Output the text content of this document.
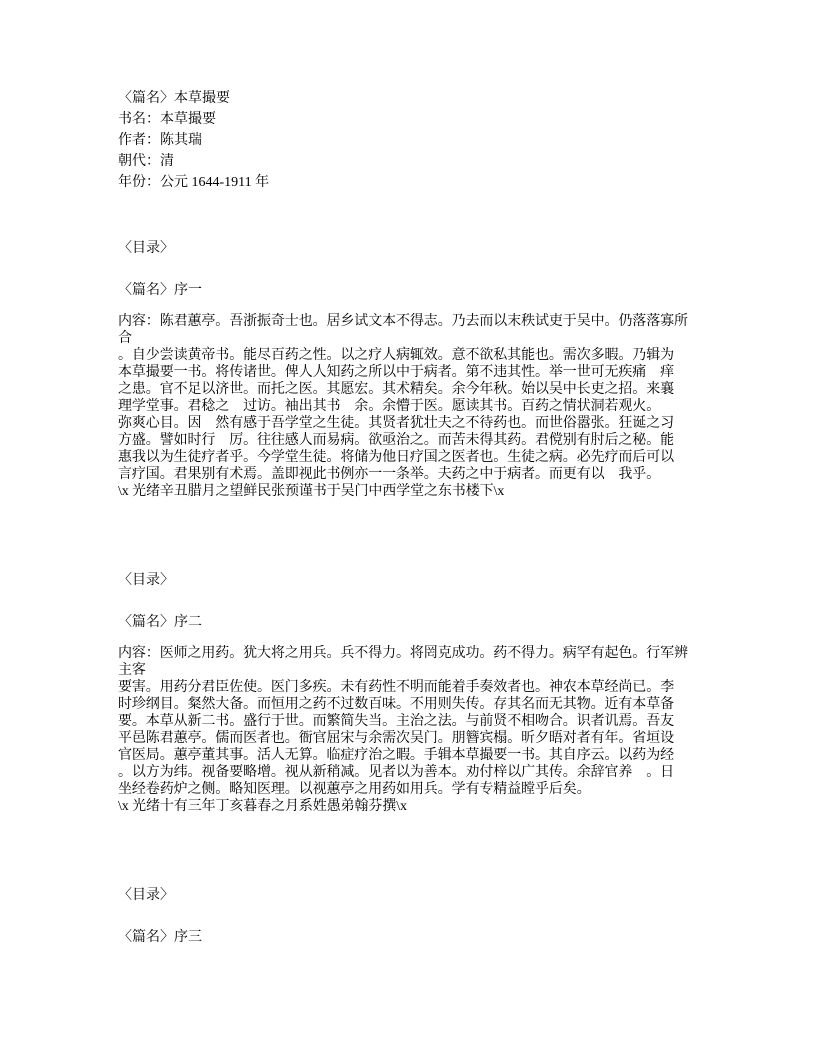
〈篇名〉本草撮要
书名：本草撮要
作者：陈其瑞
朝代：清
年份：公元 1644-1911 年
〈目录〉
〈篇名〉序一
内容：陈君蕙亭。吾浙振奇士也。居乡试文本不得志。乃去而以末秩试吏于吴中。仍落落寡所
合
。自少尝读黄帝书。能尽百药之性。以之疗人病辄效。意不欲私其能也。需次多暇。乃辑为
本草撮要一书。将传诸世。俾人人知药之所以中于病者。第不违其性。举一世可无疾痛　痒
之患。官不足以济世。而托之医。其愿宏。其术精矣。余今年秋。始以吴中长吏之招。来襄
理学堂事。君稔之　过访。袖出其书　余。余懵于医。愿读其书。百药之情状洞若观火。
弥爽心目。因　然有感于吾学堂之生徒。其贤者犹壮夫之不待药也。而世俗嚣张。狂诞之习
方盛。譬如时行　厉。往往感人而易病。欲亟治之。而苦未得其药。君傥别有肘后之秘。能
惠我以为生徒疗者乎。今学堂生徒。将储为他日疗国之医者也。生徒之病。必先疗而后可以
言疗国。君果别有术焉。盖即视此书例亦一一条举。夫药之中于病者。而更有以　我乎。
\x 光绪辛丑腊月之望鲜民张预谨书于吴门中西学堂之东书楼下\x
〈目录〉
〈篇名〉序二
内容：医师之用药。犹大将之用兵。兵不得力。将罔克成功。药不得力。病罕有起色。行军辨
主客
要害。用药分君臣佐使。医门多疾。未有药性不明而能着手奏效者也。神农本草经尚已。李
时珍纲目。粲然大备。而恒用之药不过数百味。不用则失传。存其名而无其物。近有本草备
要。本草从新二书。盛行于世。而繁简失当。主治之法。与前贤不相吻合。识者讥焉。吾友
平邑陈君蕙亭。儒而医者也。衙官屈宋与余需次吴门。朋簪宾榻。昕夕晤对者有年。省垣设
官医局。蕙亭董其事。活人无算。临症疗治之暇。手辑本草撮要一书。其自序云。以药为经
。以方为纬。视备要略增。视从新稍减。见者以为善本。劝付梓以广其传。余辞官养　。日
坐经卷药炉之侧。略知医理。以视蕙亭之用药如用兵。学有专精益瞠乎后矣。
\x 光绪十有三年丁亥暮春之月系姓愚弟翰芬撰\x
〈目录〉
〈篇名〉序三
